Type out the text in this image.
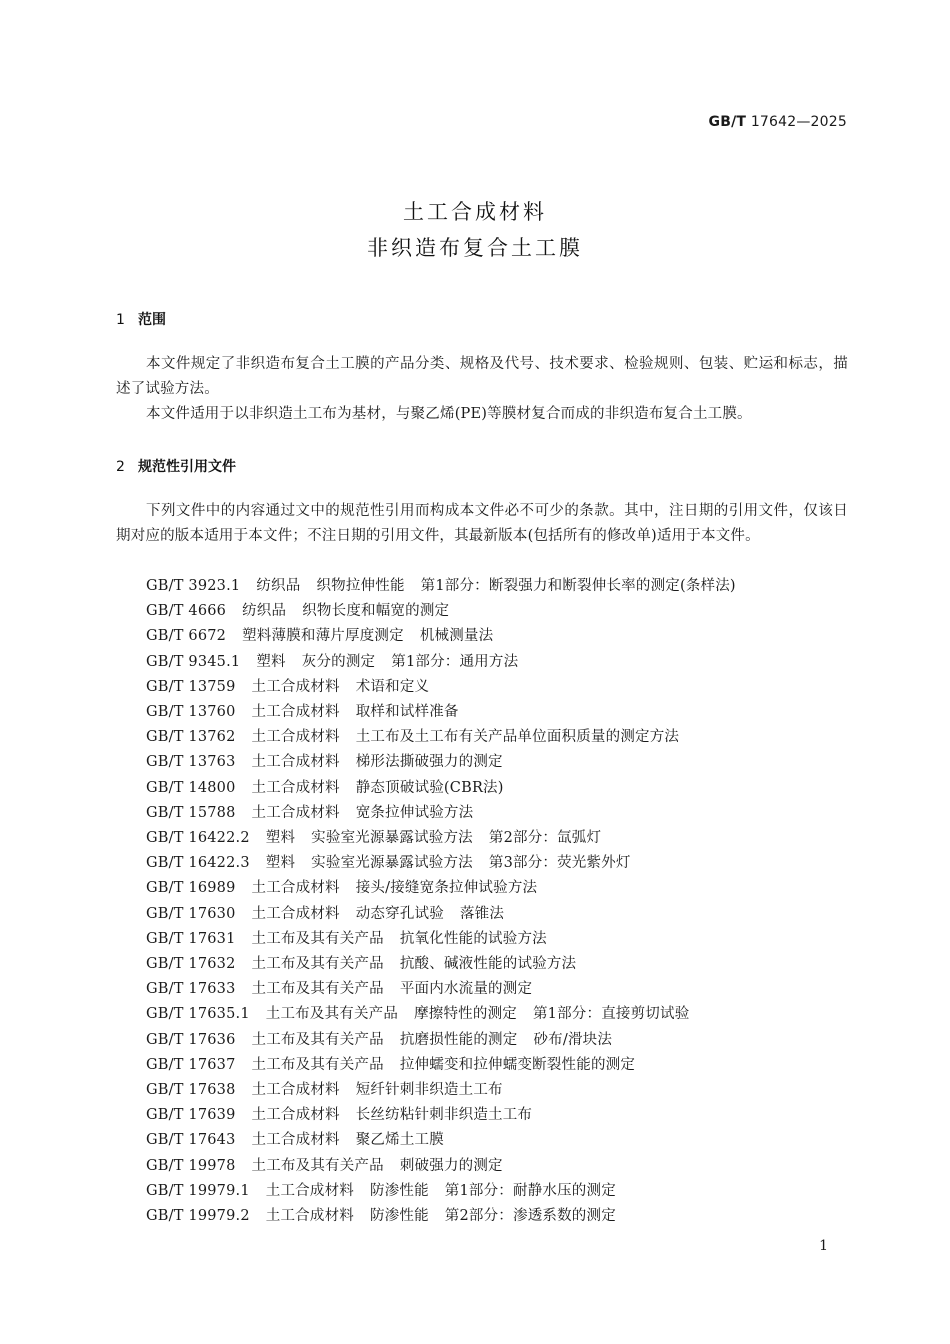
GB/T 17642—2025
土工合成材料
非织造布复合土工膜
1 范围
本文件规定了非织造布复合土工膜的产品分类、规格及代号、技术要求、检验规则、包装、贮运和标志，描述了试验方法。
本文件适用于以非织造土工布为基材，与聚乙烯(PE)等膜材复合而成的非织造布复合土工膜。
2 规范性引用文件
下列文件中的内容通过文中的规范性引用而构成本文件必不可少的条款。其中，注日期的引用文件，仅该日期对应的版本适用于本文件；不注日期的引用文件，其最新版本(包括所有的修改单)适用于本文件。
GB/T 3923.1 纺织品 织物拉伸性能 第1部分：断裂强力和断裂伸长率的测定(条样法)
GB/T 4666 纺织品 织物长度和幅宽的测定
GB/T 6672 塑料薄膜和薄片厚度测定 机械测量法
GB/T 9345.1 塑料 灰分的测定 第1部分：通用方法
GB/T 13759 土工合成材料 术语和定义
GB/T 13760 土工合成材料 取样和试样准备
GB/T 13762 土工合成材料 土工布及土工布有关产品单位面积质量的测定方法
GB/T 13763 土工合成材料 梯形法撕破强力的测定
GB/T 14800 土工合成材料 静态顶破试验(CBR法)
GB/T 15788 土工合成材料 宽条拉伸试验方法
GB/T 16422.2 塑料 实验室光源暴露试验方法 第2部分：氙弧灯
GB/T 16422.3 塑料 实验室光源暴露试验方法 第3部分：荧光紫外灯
GB/T 16989 土工合成材料 接头/接缝宽条拉伸试验方法
GB/T 17630 土工合成材料 动态穿孔试验 落锥法
GB/T 17631 土工布及其有关产品 抗氧化性能的试验方法
GB/T 17632 土工布及其有关产品 抗酸、碱液性能的试验方法
GB/T 17633 土工布及其有关产品 平面内水流量的测定
GB/T 17635.1 土工布及其有关产品 摩擦特性的测定 第1部分：直接剪切试验
GB/T 17636 土工布及其有关产品 抗磨损性能的测定 砂布/滑块法
GB/T 17637 土工布及其有关产品 拉伸蠕变和拉伸蠕变断裂性能的测定
GB/T 17638 土工合成材料 短纤针刺非织造土工布
GB/T 17639 土工合成材料 长丝纺粘针刺非织造土工布
GB/T 17643 土工合成材料 聚乙烯土工膜
GB/T 19978 土工布及其有关产品 刺破强力的测定
GB/T 19979.1 土工合成材料 防渗性能 第1部分：耐静水压的测定
GB/T 19979.2 土工合成材料 防渗性能 第2部分：渗透系数的测定
1
